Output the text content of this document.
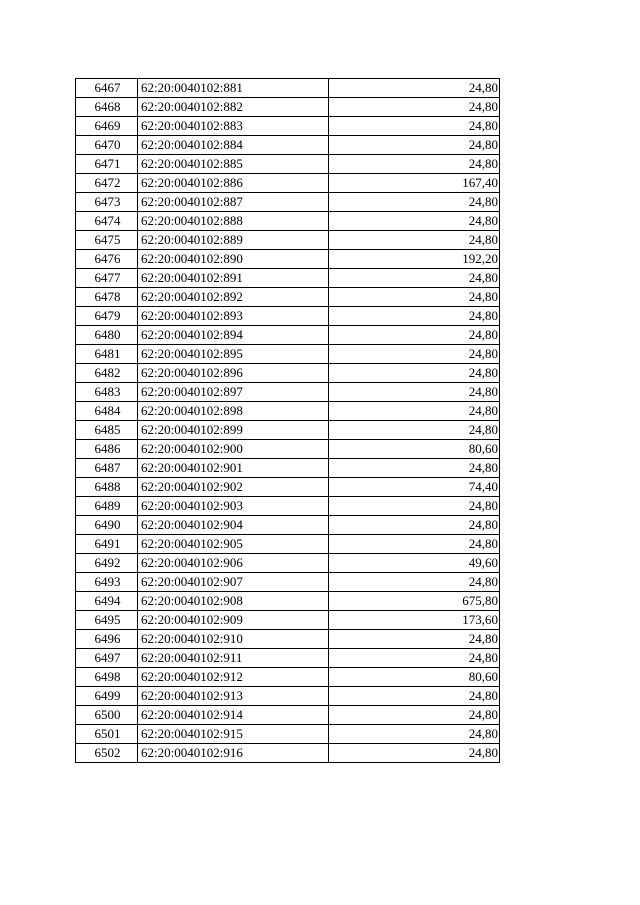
6467	62:20:0040102:881	24,80
6468	62:20:0040102:882	24,80
6469	62:20:0040102:883	24,80
6470	62:20:0040102:884	24,80
6471	62:20:0040102:885	24,80
6472	62:20:0040102:886	167,40
6473	62:20:0040102:887	24,80
6474	62:20:0040102:888	24,80
6475	62:20:0040102:889	24,80
6476	62:20:0040102:890	192,20
6477	62:20:0040102:891	24,80
6478	62:20:0040102:892	24,80
6479	62:20:0040102:893	24,80
6480	62:20:0040102:894	24,80
6481	62:20:0040102:895	24,80
6482	62:20:0040102:896	24,80
6483	62:20:0040102:897	24,80
6484	62:20:0040102:898	24,80
6485	62:20:0040102:899	24,80
6486	62:20:0040102:900	80,60
6487	62:20:0040102:901	24,80
6488	62:20:0040102:902	74,40
6489	62:20:0040102:903	24,80
6490	62:20:0040102:904	24,80
6491	62:20:0040102:905	24,80
6492	62:20:0040102:906	49,60
6493	62:20:0040102:907	24,80
6494	62:20:0040102:908	675,80
6495	62:20:0040102:909	173,60
6496	62:20:0040102:910	24,80
6497	62:20:0040102:911	24,80
6498	62:20:0040102:912	80,60
6499	62:20:0040102:913	24,80
6500	62:20:0040102:914	24,80
6501	62:20:0040102:915	24,80
6502	62:20:0040102:916	24,80
